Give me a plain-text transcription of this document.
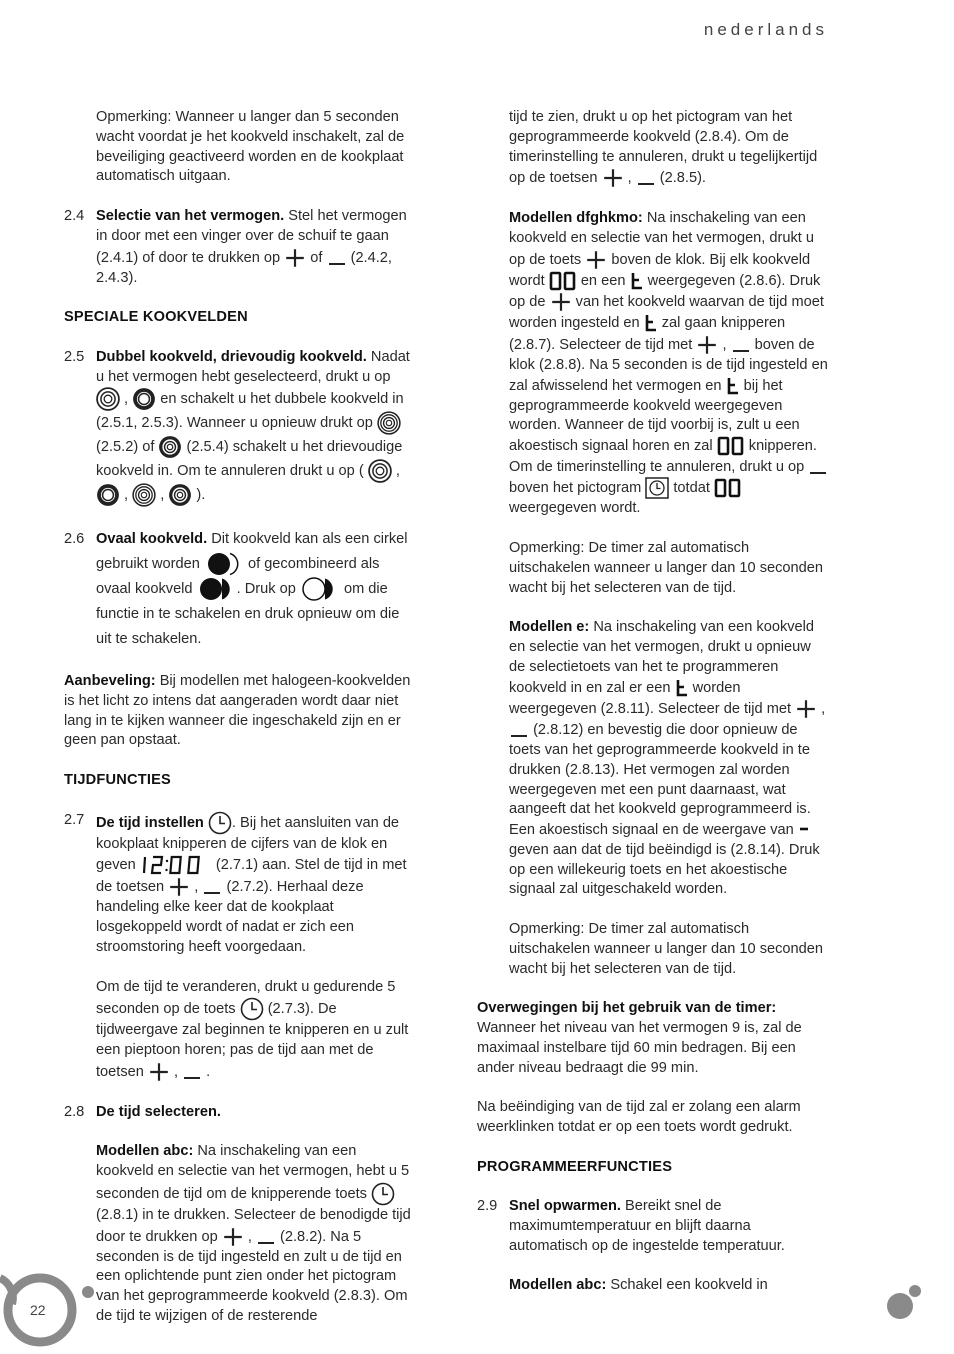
nederlands

Opmerking: Wanneer u langer dan 5 seconden wacht voordat je het kookveld inschakelt, zal de beveiliging geactiveerd worden en de kookplaat automatisch uitgaan.

2.4 Selectie van het vermogen. Stel het vermogen in door met een vinger over de schuif te gaan (2.4.1) of door te drukken op of (2.4.2, 2.4.3).
SPECIALE KOOKVELDEN
2.5 Dubbel kookveld, drievoudig kookveld. Nadat u het vermogen hebt geselecteerd, drukt u op  ,  en schakelt u het dubbele kookveld in (2.5.1, 2.5.3). Wanneer u opnieuw drukt op  (2.5.2) of (2.5.4) schakelt u het drievoudige kookveld in. Om te annuleren drukt u op (  ,  ,  ,  ).
2.6 Ovaal kookveld. Dit kookveld kan als een cirkel gebruikt worden	of gecombineerd als ovaal kookveld	. Druk op	om die functie in te schakelen en druk opnieuw om die uit te schakelen.

Aanbeveling: Bij modellen met halogeen-kookvelden is het licht zo intens dat aangeraden wordt daar niet lang in te kijken wanneer die ingeschakeld zijn en er geen pan opstaat.

TIJDFUNCTIES
2.7 De tijd instellen . Bij het aansluiten van de kookplaat knipperen de cijfers van de klok en geven	(2.7.1) aan. Stel de tijd in met de toetsen  ,  (2.7.2). Herhaal deze handeling elke keer dat de kookplaat losgekoppeld wordt of nadat er zich een stroomstoring heeft voorgedaan.

Om de tijd te veranderen, drukt u gedurende 5 seconden op de toets (2.7.3). De tijdweergave zal beginnen te knipperen en u zult een pieptoon horen; pas de tijd aan met de toetsen  ,  .

2.8 De tijd selecteren.

Modellen abc: Na inschakeling van een kookveld en selectie van het vermogen, hebt u 5 seconden de tijd om de knipperende toets  (2.8.1) in te drukken. Selecteer de benodigde tijd door te drukken op  ,  (2.8.2). Na 5 seconden is de tijd ingesteld en zult u de tijd en een oplichtende punt zien onder het pictogram van het geprogrammeerde kookveld (2.8.3). Om de tijd te wijzigen of de resterende

tijd te zien, drukt u op het pictogram van het geprogrammeerde kookveld (2.8.4). Om de timerinstelling te annuleren, drukt u tegelijkertijd op de toetsen  ,  (2.8.5).

Modellen dfghkmo: Na inschakeling van een kookveld en selectie van het vermogen, drukt u op de toets boven de klok. Bij elk kookveld wordt en een weergegeven (2.8.6). Druk op de van het kookveld waarvan de tijd moet worden ingesteld en zal gaan knipperen (2.8.7). Selecteer de tijd met  ,  boven de klok (2.8.8). Na 5 seconden is de tijd ingesteld en zal afwisselend het vermogen en bij het geprogrammeerde kookveld weergegeven worden. Wanneer de tijd voorbij is, zult u een akoestisch signaal horen en zal knipperen. Om de timerinstelling te annuleren, drukt u op  boven het pictogram totdat  weergegeven wordt.

Opmerking: De timer zal automatisch uitschakelen wanneer u langer dan 10 seconden wacht bij het selecteren van de tijd.

Modellen e: Na inschakeling van een kookveld en selectie van het vermogen, drukt u opnieuw de selectietoets van het te programmeren kookveld in en zal er een worden weergegeven (2.8.11). Selecteer de tijd met  ,  (2.8.12) en bevestig die door opnieuw de toets van het geprogrammeerde kookveld in te drukken (2.8.13). Het vermogen zal worden weergegeven met een punt daarnaast, wat aangeeft dat het kookveld geprogrammeerd is. Een akoestisch signaal en de weergave van  geven aan dat de tijd beëindigd is (2.8.14). Druk op een willekeurig toets en het akoestische signaal zal uitgeschakeld worden.

Opmerking: De timer zal automatisch uitschakelen wanneer u langer dan 10 seconden wacht bij het selecteren van de tijd.

Overwegingen bij het gebruik van de timer:
Wanneer het niveau van het vermogen 9 is, zal de maximaal instelbare tijd 60 min bedragen. Bij een ander niveau bedraagt die 99 min.

Na beëindiging van de tijd zal er zolang een alarm weerklinken totdat er op een toets wordt gedrukt.

PROGRAMMEERFUNCTIES
2.9 Snel opwarmen. Bereikt snel de maximumtemperatuur en blijft daarna automatisch op de ingestelde temperatuur.

Modellen abc: Schakel een kookveld in

22
